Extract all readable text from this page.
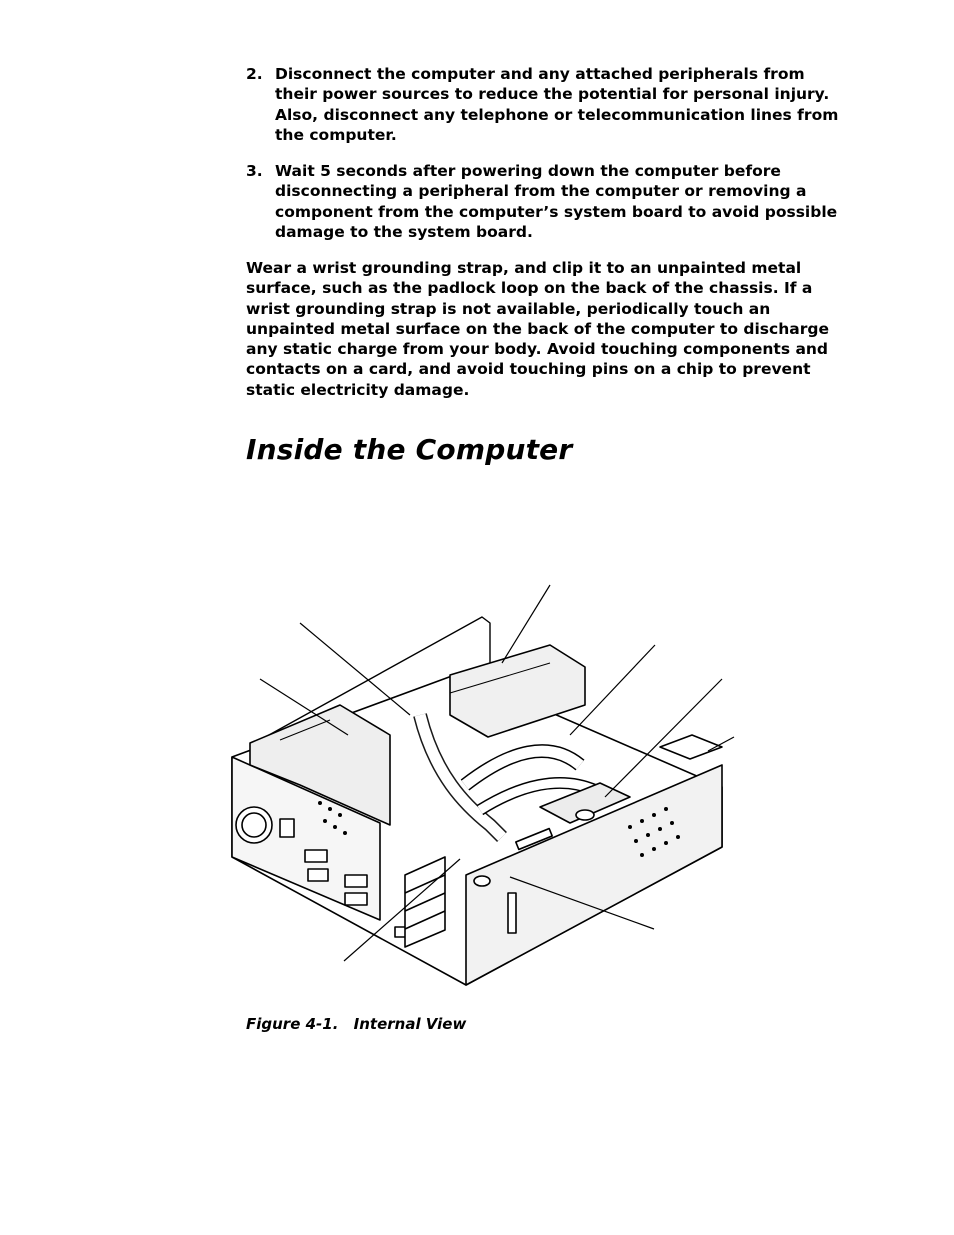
2. Disconnect the computer and any attached peripherals from their power sources to reduce the potential for personal injury. Also, disconnect any telephone or telecommunication lines from the computer.
3. Wait 5 seconds after powering down the computer before disconnecting a peripheral from the computer or removing a component from the computer’s system board to avoid possible damage to the system board.
Wear a wrist grounding strap, and clip it to an unpainted metal surface, such as the padlock loop on the back of the chassis. If a wrist grounding strap is not available, periodically touch an unpainted metal surface on the back of the computer to discharge any static charge from your body. Avoid touching components and contacts on a card, and avoid touching pins on a chip to prevent static electricity damage.
Inside the Computer
Figure 4-1. Internal View
